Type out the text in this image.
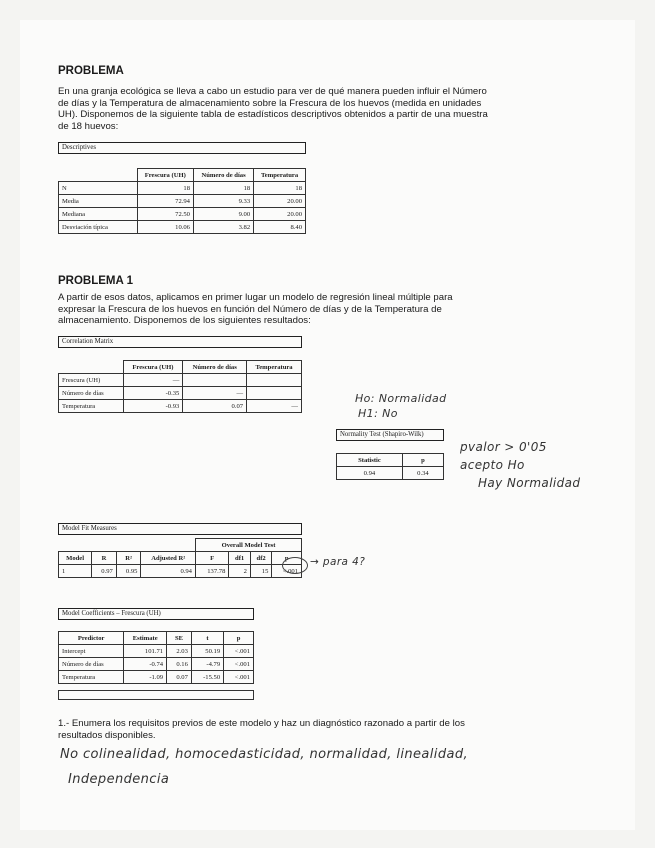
PROBLEMA
En una granja ecológica se lleva a cabo un estudio para ver de qué manera pueden influir el Número de días y la Temperatura de almacenamiento sobre la Frescura de los huevos (medida en unidades UH). Disponemos de la siguiente tabla de estadísticos descriptivos obtenidos a partir de una muestra de 18 huevos:
Descriptives
	Frescura (UH)	Número de días	Temperatura
N	18	18	18
Media	72.94	9.33	20.00
Mediana	72.50	9.00	20.00
Desviación típica	10.06	3.82	8.40
PROBLEMA 1
A partir de esos datos, aplicamos en primer lugar un modelo de regresión lineal múltiple para expresar la Frescura de los huevos en función del Número de días y de la Temperatura de almacenamiento. Disponemos de los siguientes resultados:
Correlation Matrix
	Frescura (UH)	Número de días	Temperatura
Frescura (UH)	—		
Número de días	-0.35	—	
Temperatura	-0.93	0.07	—
Normality Test (Shapiro-Wilk)
Statistic	p
0.94	0.34
Model Fit Measures
				Overall Model Test			
Model	R	R²	Adjusted R²	F	df1	df2	p
1	0.97	0.95	0.94	137.78	2	15	<.001
Model Coefficients – Frescura (UH)
Predictor	Estimate	SE	t	p
Intercept	101.71	2.03	50.19	<.001
Número de días	-0.74	0.16	-4.79	<.001
Temperatura	-1.09	0.07	-15.50	<.001
1.- Enumera los requisitos previos de este modelo y haz un diagnóstico razonado a partir de los resultados disponibles.
Ho: Normalidad
H1: No
pvalor > 0'05
acepto Ho
Hay Normalidad
→ para 4?
No colinealidad, homocedasticidad, normalidad, linealidad,
Independencia
